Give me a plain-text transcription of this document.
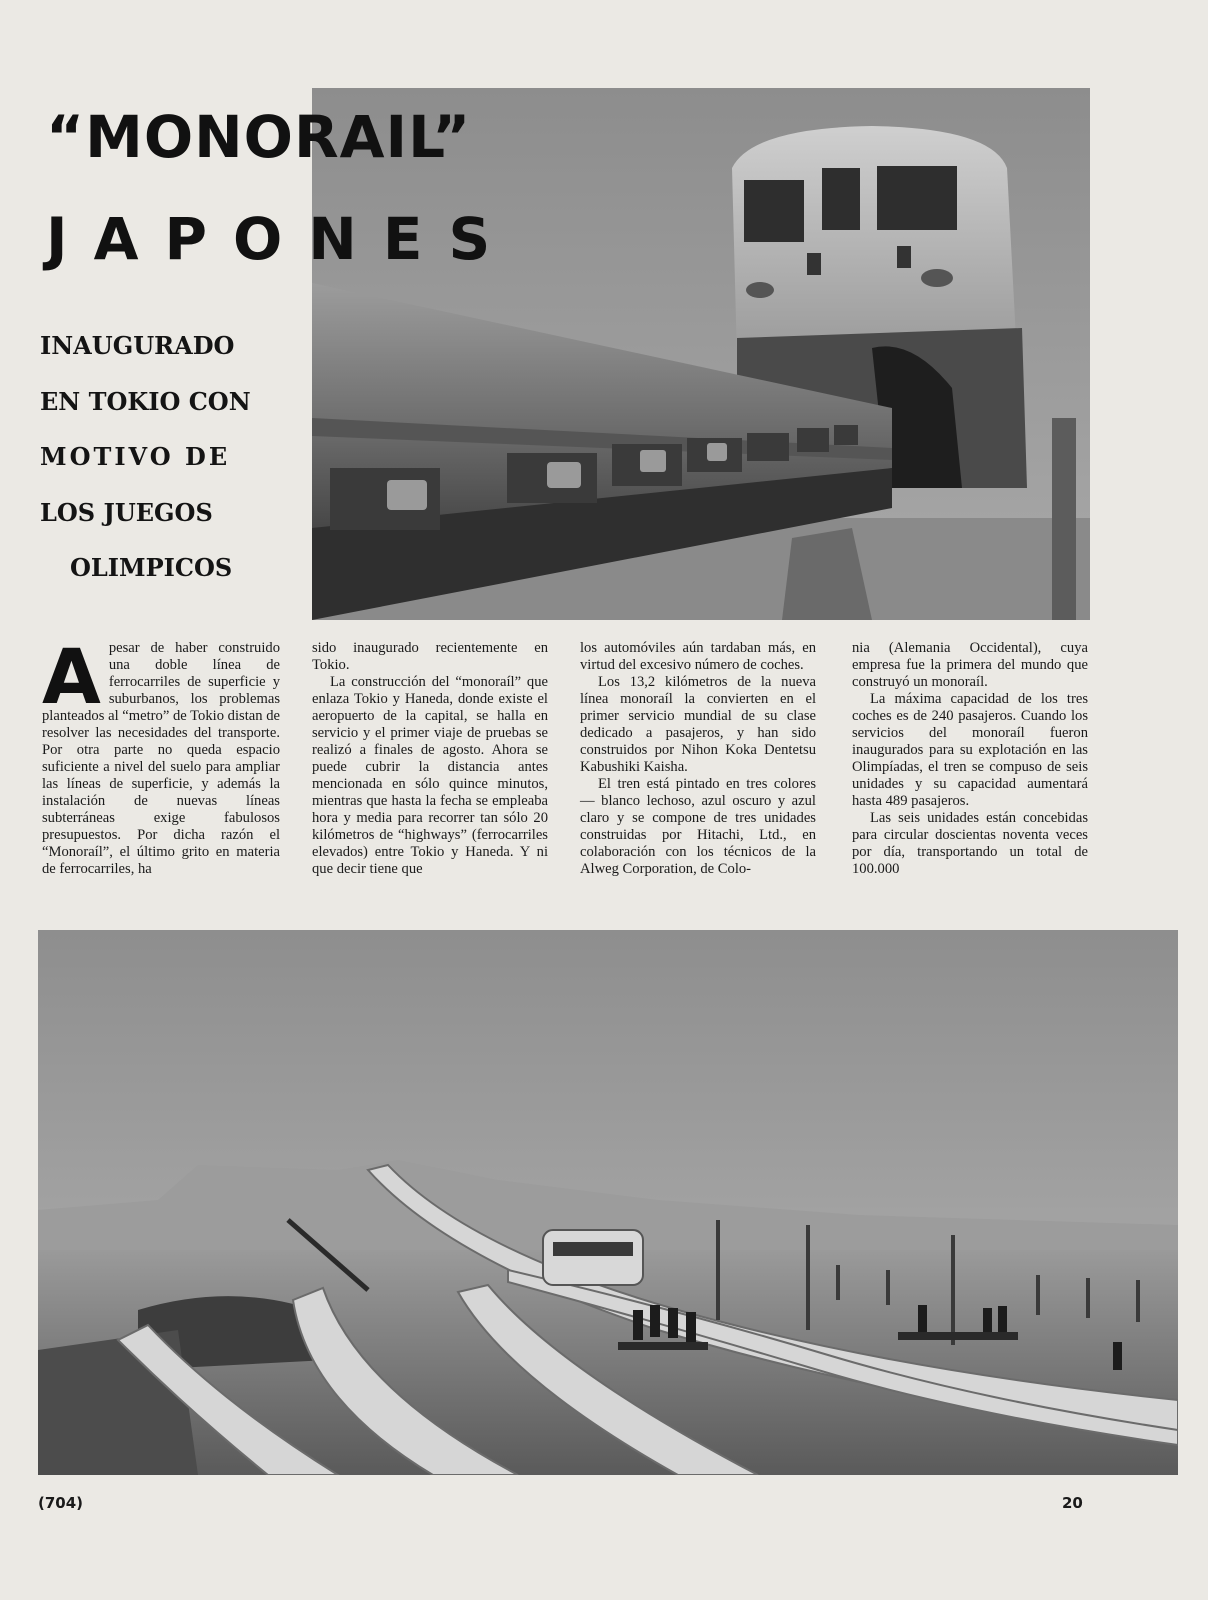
“MONORAIL”
JAPONES
INAUGURADO
EN TOKIO CON
MOTIVO DE
LOS JUEGOS
OLIMPICOS
A pesar de haber construido una doble línea de ferrocarriles de superficie y suburbanos, los problemas planteados al “metro” de Tokio distan de resolver las necesidades del transporte. Por otra parte no queda espacio suficiente a nivel del suelo para ampliar las líneas de superficie, y además la instalación de nuevas líneas subterráneas exige fabulosos presupuestos. Por dicha razón el “Monoraíl”, el último grito en materia de ferrocarriles, ha

sido inaugurado recientemente en Tokio.

La construcción del “monoraíl” que enlaza Tokio y Haneda, donde existe el aeropuerto de la capital, se halla en servicio y el primer viaje de pruebas se realizó a finales de agosto. Ahora se puede cubrir la distancia antes mencionada en sólo quince minutos, mientras que hasta la fecha se empleaba hora y media para recorrer tan sólo 20 kilómetros de “highways” (ferrocarriles elevados) entre Tokio y Haneda. Y ni que decir tiene que

los automóviles aún tardaban más, en virtud del excesivo número de coches.

Los 13,2 kilómetros de la nueva línea monoraíl la convierten en el primer servicio mundial de su clase dedicado a pasajeros, y han sido construidos por Nihon Koka Dentetsu Kabushiki Kaisha.

El tren está pintado en tres colores — blanco lechoso, azul oscuro y azul claro y se compone de tres unidades construidas por Hitachi, Ltd., en colaboración con los técnicos de la Alweg Corporation, de Colo-

nia (Alemania Occidental), cuya empresa fue la primera del mundo que construyó un monoraíl.

La máxima capacidad de los tres coches es de 240 pasajeros. Cuando los servicios del monoraíl fueron inaugurados para su explotación en las Olimpíadas, el tren se compuso de seis unidades y su capacidad aumentará hasta 489 pasajeros.

Las seis unidades están concebidas para circular doscientas noventa veces por día, transportando un total de 100.000

(704)	20
